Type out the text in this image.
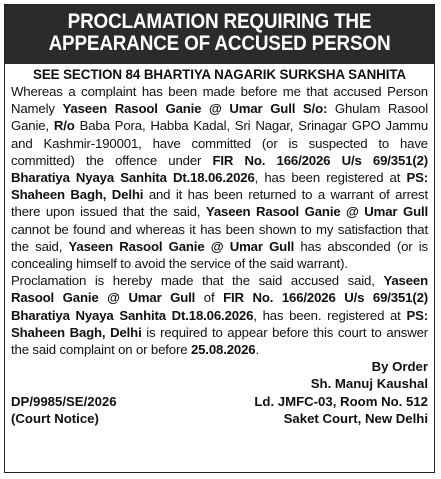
PROCLAMATION REQUIRING THE
APPEARANCE OF ACCUSED PERSON
SEE SECTION 84 BHARTIYA NAGARIK SURKSHA SANHITA

Whereas a complaint has been made before me that accused Person Namely Yaseen Rasool Ganie @ Umar Gull S/o: Ghulam Rasool Ganie, R/o Baba Pora, Habba Kadal, Sri Nagar, Srinagar GPO Jammu and Kashmir-190001, have committed (or is suspected to have committed) the offence under FIR No. 166/2026 U/s 69/351(2) Bharatiya Nyaya Sanhita Dt.18.06.2026, has been registered at PS: Shaheen Bagh, Delhi and it has been returned to a warrant of arrest there upon issued that the said, Yaseen Rasool Ganie @ Umar Gull cannot be found and whereas it has been shown to my satisfaction that the said, Yaseen Rasool Ganie @ Umar Gull has absconded (or is concealing himself to avoid the service of the said warrant).

Proclamation is hereby made that the said accused said, Yaseen Rasool Ganie @ Umar Gull of FIR No. 166/2026 U/s 69/351(2) Bharatiya Nyaya Sanhita Dt.18.06.2026, has been. registered at PS: Shaheen Bagh, Delhi is required to appear before this court to answer the said complaint on or before 25.08.2026.

By Order
Sh. Manuj Kaushal
DP/9985/SE/2026	Ld. JMFC-03, Room No. 512
(Court Notice)	Saket Court, New Delhi
